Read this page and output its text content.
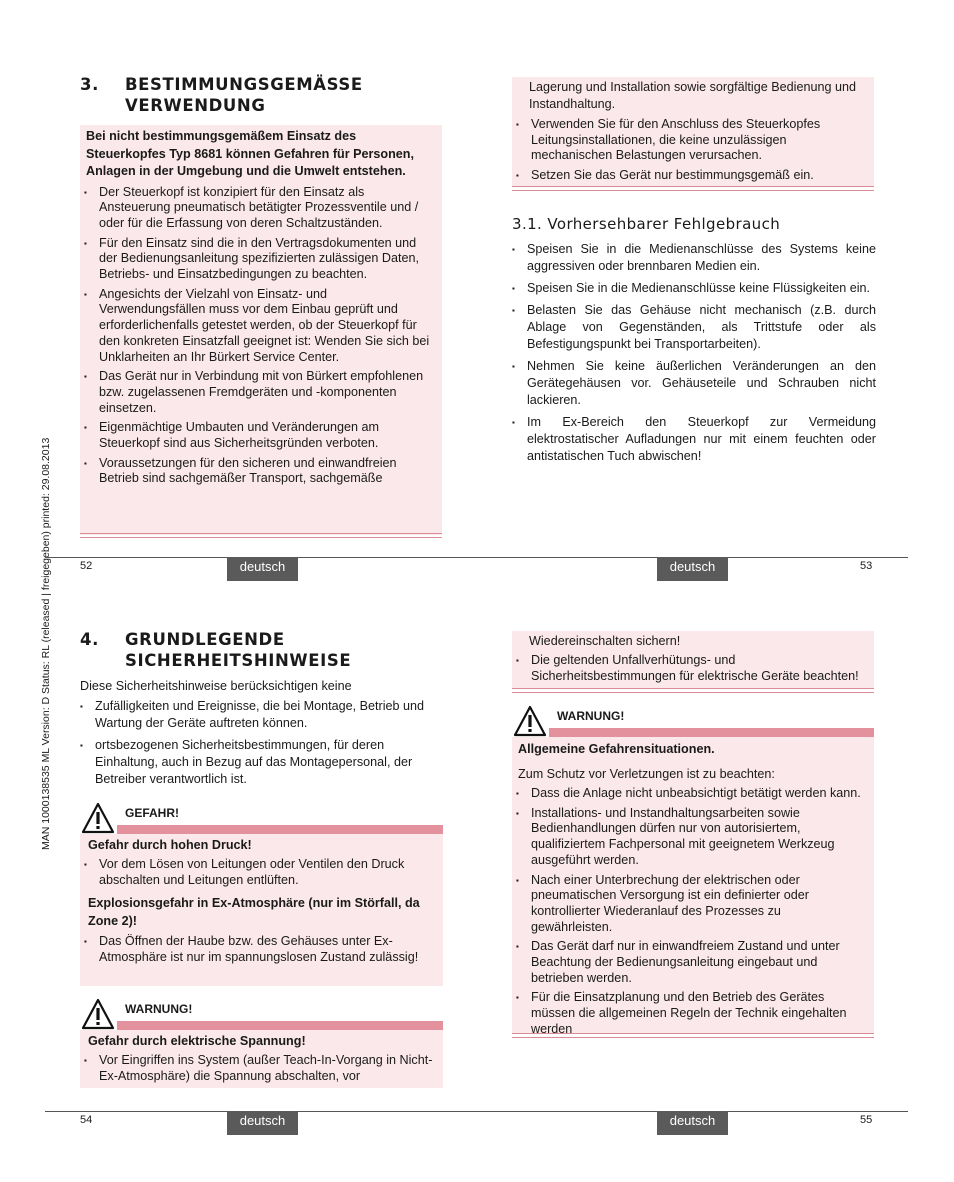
MAN 1000138535 ML Version: D Status: RL (released | freigegeben) printed: 29.08.2013
3. BESTIMMUNGSGEMÄSSE
VERWENDUNG
Bei nicht bestimmungsgemäßem Einsatz des Steuerkopfes Typ 8681 können Gefahren für Personen, Anlagen in der Umgebung und die Umwelt entstehen.
▪ Der Steuerkopf ist konzipiert für den Einsatz als Ansteuerung pneumatisch betätigter Prozessventile und / oder für die Erfassung von deren Schaltzuständen.
▪ Für den Einsatz sind die in den Vertragsdokumenten und der Bedienungsanleitung spezifizierten zulässigen Daten, Betriebs- und Einsatzbedingungen zu beachten.
▪ Angesichts der Vielzahl von Einsatz- und Verwendungsfällen muss vor dem Einbau geprüft und erforderlichenfalls getestet werden, ob der Steuerkopf für den konkreten Einsatzfall geeignet ist: Wenden Sie sich bei Unklarheiten an Ihr Bürkert Service Center.
▪ Das Gerät nur in Verbindung mit von Bürkert empfohlenen bzw. zugelassenen Fremdgeräten und -komponenten einsetzen.
▪ Eigenmächtige Umbauten und Veränderungen am Steuerkopf sind aus Sicherheitsgründen verboten.
▪ Voraussetzungen für den sicheren und einwandfreien Betrieb sind sachgemäßer Transport, sachgemäße
Lagerung und Installation sowie sorgfältige Bedienung und Instandhaltung.
▪ Verwenden Sie für den Anschluss des Steuerkopfes Leitungsinstallationen, die keine unzulässigen mechanischen Belastungen verursachen.
▪ Setzen Sie das Gerät nur bestimmungsgemäß ein.
3.1. Vorhersehbarer Fehlgebrauch
▪ Speisen Sie in die Medienanschlüsse des Systems keine aggressiven oder brennbaren Medien ein.
▪ Speisen Sie in die Medienanschlüsse keine Flüssigkeiten ein.
▪ Belasten Sie das Gehäuse nicht mechanisch (z.B. durch Ablage von Gegenständen, als Trittstufe oder als Befestigungspunkt bei Transportarbeiten).
▪ Nehmen Sie keine äußerlichen Veränderungen an den Gerätegehäusen vor. Gehäuseteile und Schrauben nicht lackieren.
▪ Im Ex-Bereich den Steuerkopf zur Vermeidung elektrostatischer Aufladungen nur mit einem feuchten oder antistatischen Tuch abwischen!
52	deutsch	deutsch	53
4. GRUNDLEGENDE
SICHERHEITSHINWEISE
Diese Sicherheitshinweise berücksichtigen keine
▪ Zufälligkeiten und Ereignisse, die bei Montage, Betrieb und Wartung der Geräte auftreten können.
▪ ortsbezogenen Sicherheitsbestimmungen, für deren Einhaltung, auch in Bezug auf das Montagepersonal, der Betreiber verantwortlich ist.
GEFAHR!
Gefahr durch hohen Druck!
▪ Vor dem Lösen von Leitungen oder Ventilen den Druck abschalten und Leitungen entlüften.
Explosionsgefahr in Ex-Atmosphäre (nur im Störfall, da Zone 2)!
▪ Das Öffnen der Haube bzw. des Gehäuses unter Ex-Atmosphäre ist nur im spannungslosen Zustand zulässig!
WARNUNG!
Gefahr durch elektrische Spannung!
▪ Vor Eingriffen ins System (außer Teach-In-Vorgang in Nicht-Ex-Atmosphäre) die Spannung abschalten, vor
Wiedereinschalten sichern!
▪ Die geltenden Unfallverhütungs- und Sicherheitsbestimmungen für elektrische Geräte beachten!
WARNUNG!
Allgemeine Gefahrensituationen.
Zum Schutz vor Verletzungen ist zu beachten:
▪ Dass die Anlage nicht unbeabsichtigt betätigt werden kann.
▪ Installations- und Instandhaltungsarbeiten sowie Bedienhandlungen dürfen nur von autorisiertem, qualifiziertem Fachpersonal mit geeignetem Werkzeug ausgeführt werden.
▪ Nach einer Unterbrechung der elektrischen oder pneumatischen Versorgung ist ein definierter oder kontrollierter Wiederanlauf des Prozesses zu gewährleisten.
▪ Das Gerät darf nur in einwandfreiem Zustand und unter Beachtung der Bedienungsanleitung eingebaut und betrieben werden.
▪ Für die Einsatzplanung und den Betrieb des Gerätes müssen die allgemeinen Regeln der Technik eingehalten werden
54	deutsch	deutsch	55
